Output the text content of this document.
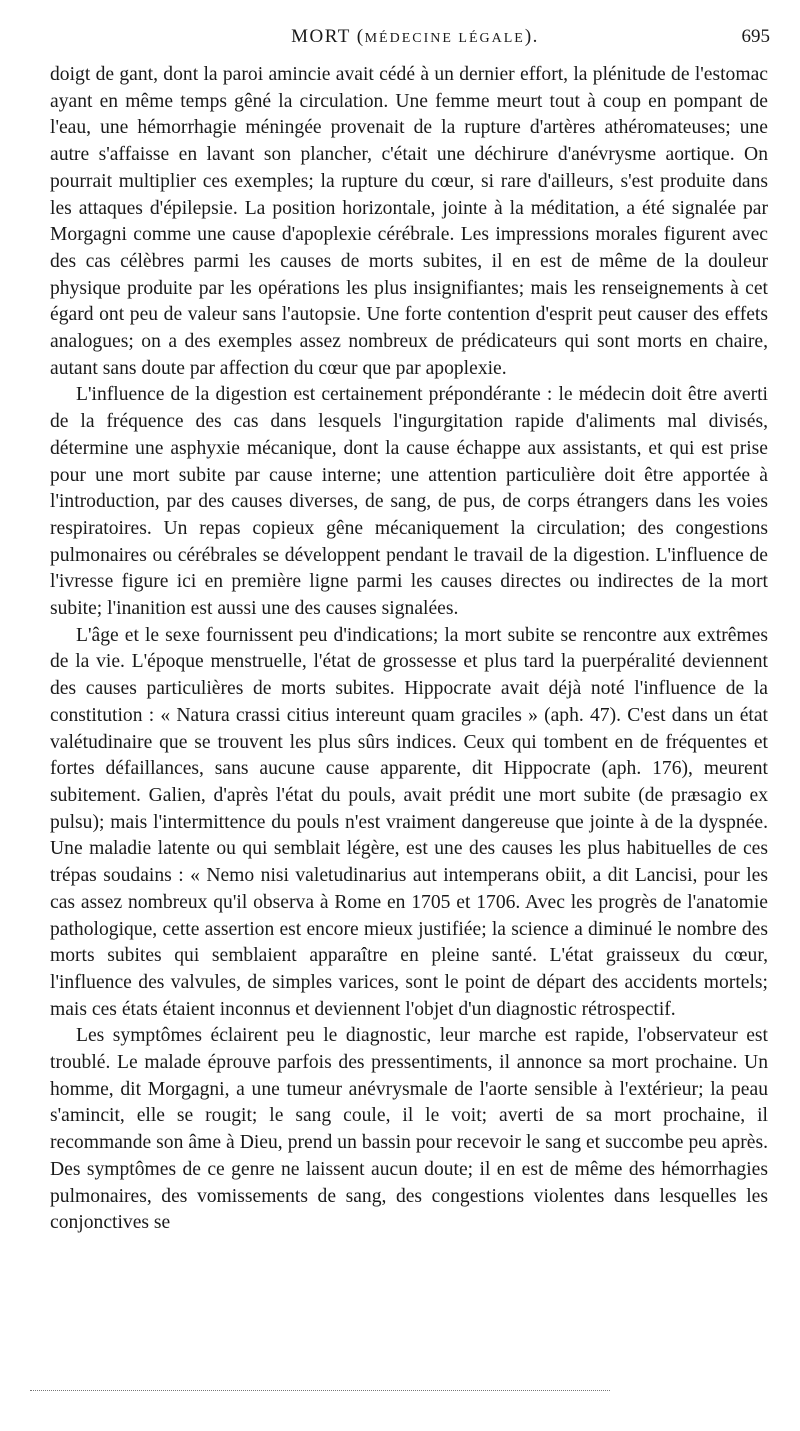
MORT (MÉDECINE LÉGALE).	695

doigt de gant, dont la paroi amincie avait cédé à un dernier effort, la plénitude de l'estomac ayant en même temps gêné la circulation. Une femme meurt tout à coup en pompant de l'eau, une hémorrhagie méningée provenait de la rupture d'artères athéromateuses; une autre s'affaisse en lavant son plancher, c'était une déchirure d'anévrysme aortique. On pourrait multiplier ces exemples; la rupture du cœur, si rare d'ailleurs, s'est produite dans les attaques d'épilepsie. La position horizontale, jointe à la méditation, a été signalée par Morgagni comme une cause d'apoplexie cérébrale. Les impressions morales figurent avec des cas célèbres parmi les causes de morts subites, il en est de même de la douleur physique produite par les opérations les plus insignifiantes; mais les renseignements à cet égard ont peu de valeur sans l'autopsie. Une forte contention d'esprit peut causer des effets analogues; on a des exemples assez nombreux de prédicateurs qui sont morts en chaire, autant sans doute par affection du cœur que par apoplexie.

L'influence de la digestion est certainement prépondérante : le médecin doit être averti de la fréquence des cas dans lesquels l'ingurgitation rapide d'aliments mal divisés, détermine une asphyxie mécanique, dont la cause échappe aux assistants, et qui est prise pour une mort subite par cause interne; une attention particulière doit être apportée à l'introduction, par des causes diverses, de sang, de pus, de corps étrangers dans les voies respiratoires. Un repas copieux gêne mécaniquement la circulation; des congestions pulmonaires ou cérébrales se développent pendant le travail de la digestion. L'influence de l'ivresse figure ici en première ligne parmi les causes directes ou indirectes de la mort subite; l'inanition est aussi une des causes signalées.

L'âge et le sexe fournissent peu d'indications; la mort subite se rencontre aux extrêmes de la vie. L'époque menstruelle, l'état de grossesse et plus tard la puerpéralité deviennent des causes particulières de morts subites. Hippocrate avait déjà noté l'influence de la constitution : « Natura crassi citius intereunt quam graciles » (aph. 47). C'est dans un état valétudinaire que se trouvent les plus sûrs indices. Ceux qui tombent en de fréquentes et fortes défaillances, sans aucune cause apparente, dit Hippocrate (aph. 176), meurent subitement. Galien, d'après l'état du pouls, avait prédit une mort subite (de præsagio ex pulsu); mais l'intermittence du pouls n'est vraiment dangereuse que jointe à de la dyspnée. Une maladie latente ou qui semblait légère, est une des causes les plus habituelles de ces trépas soudains : « Nemo nisi valetudinarius aut intemperans obiit, a dit Lancisi, pour les cas assez nombreux qu'il observa à Rome en 1705 et 1706. Avec les progrès de l'anatomie pathologique, cette assertion est encore mieux justifiée; la science a diminué le nombre des morts subites qui semblaient apparaître en pleine santé. L'état graisseux du cœur, l'influence des valvules, de simples varices, sont le point de départ des accidents mortels; mais ces états étaient inconnus et deviennent l'objet d'un diagnostic rétrospectif.

Les symptômes éclairent peu le diagnostic, leur marche est rapide, l'observateur est troublé. Le malade éprouve parfois des pressentiments, il annonce sa mort prochaine. Un homme, dit Morgagni, a une tumeur anévrysmale de l'aorte sensible à l'extérieur; la peau s'amincit, elle se rougit; le sang coule, il le voit; averti de sa mort prochaine, il recommande son âme à Dieu, prend un bassin pour recevoir le sang et succombe peu après. Des symptômes de ce genre ne laissent aucun doute; il en est de même des hémorrhagies pulmonaires, des vomissements de sang, des congestions violentes dans lesquelles les conjonctives se
